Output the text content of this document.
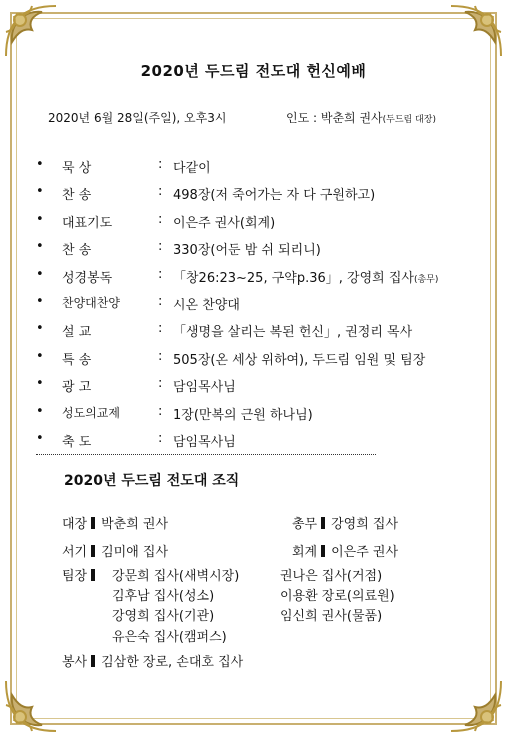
2020년 두드림 전도대 헌신예배
2020년 6월 28일(주일), 오후3시	인도 : 박춘희 권사(두드림 대장)
• 묵 상	: 다같이
• 찬 송	: 498장(저 죽어가는 자 다 구원하고)
• 대표기도	: 이은주 권사(회계)
• 찬 송	: 330장(어둔 밤 쉬 되리니)
• 성경봉독	: 「창26:23~25, 구약p.36」, 강영희 집사(총무)
• 찬양대찬양	: 시온 찬양대
• 설 교	: 「생명을 살리는 복된 헌신」, 권정리 목사
• 특 송	: 505장(온 세상 위하여), 두드림 임원 및 팀장
• 광 고	: 담임목사님
• 성도의교제	: 1장(만복의 근원 하나님)
• 축 도	: 담임목사님
2020년 두드림 전도대 조직
대장 박춘희 권사	총무 강영희 집사
서기 김미애 집사	회계 이은주 권사
팀장	강문희 집사(새벽시장)	권나은 집사(거점)
김후남 집사(성소)	이용환 장로(의료원)
강영희 집사(기관)	임신희 권사(물품)
유은숙 집사(캠퍼스)
봉사 김삼한 장로, 손대호 집사
